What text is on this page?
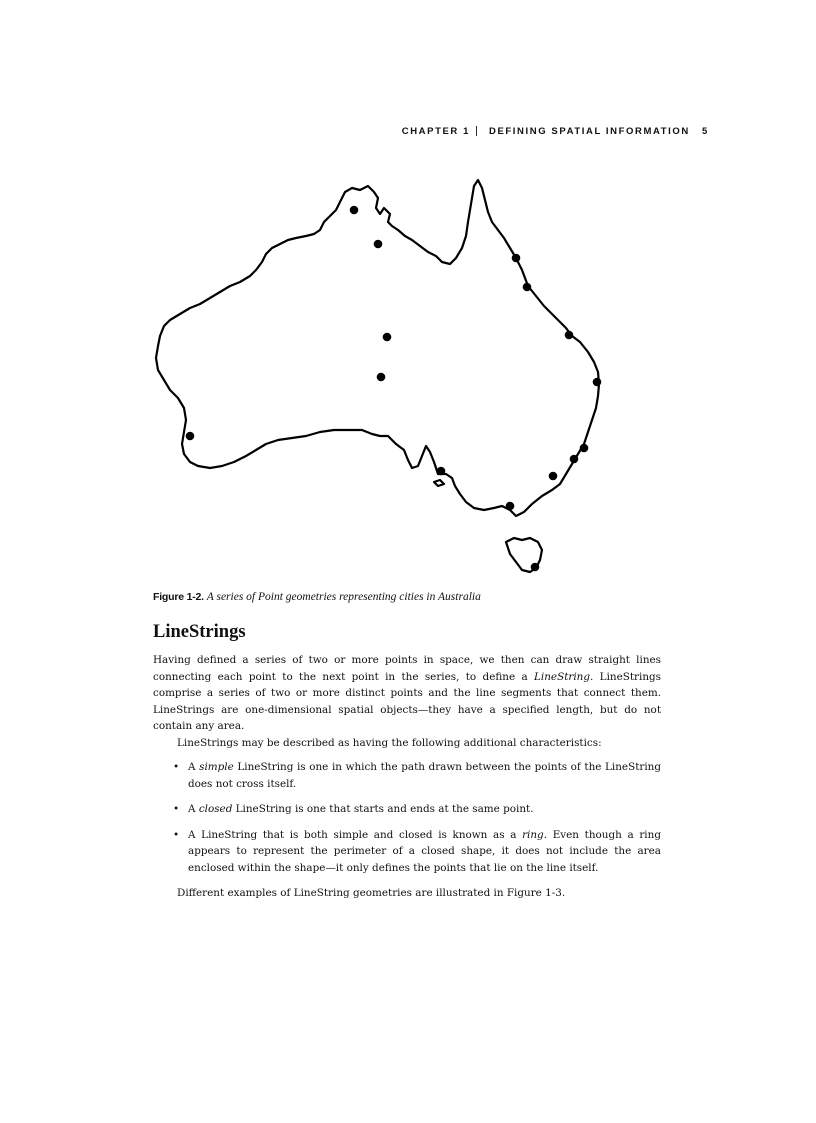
CHAPTER 1 DEFINING SPATIAL INFORMATION 5
Figure 1-2. A series of Point geometries representing cities in Australia
LineStrings

Having defined a series of two or more points in space, we then can draw straight lines connecting each point to the next point in the series, to define a LineString. LineStrings comprise a series of two or more distinct points and the line segments that connect them. LineStrings are one-dimensional spatial objects—they have a specified length, but do not contain any area.

LineStrings may be described as having the following additional characteristics:

• A simple LineString is one in which the path drawn between the points of the LineString does not cross itself.
• A closed LineString is one that starts and ends at the same point.
• A LineString that is both simple and closed is known as a ring. Even though a ring appears to represent the perimeter of a closed shape, it does not include the area enclosed within the shape—it only defines the points that lie on the line itself.

Different examples of LineString geometries are illustrated in Figure 1-3.
